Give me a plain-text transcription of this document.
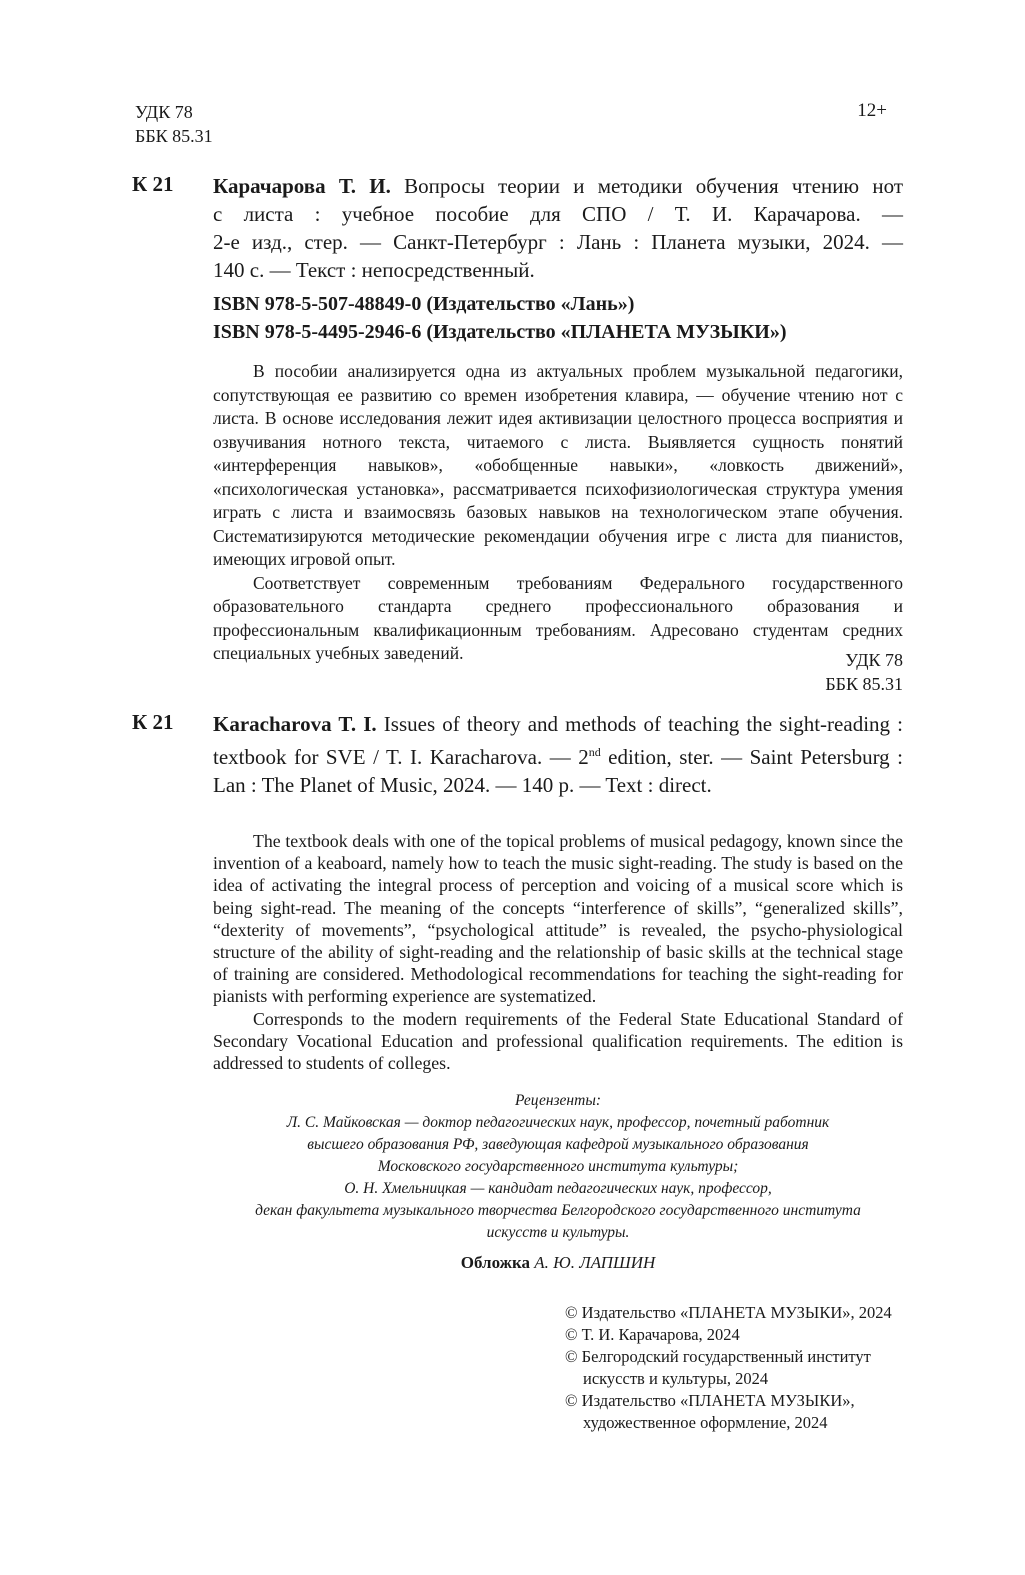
УДК 78
ББК 85.31
12+
К 21 Карачарова Т. И. Вопросы теории и методики обучения чтению нот
с листа : учебное пособие для СПО / Т. И. Карачарова. —
2-е изд., стер. — Санкт-Петербург : Лань : Планета музыки, 2024. —
140 с. — Текст : непосредственный.
ISBN 978-5-507-48849-0 (Издательство «Лань»)
ISBN 978-5-4495-2946-6 (Издательство «ПЛАНЕТА МУЗЫКИ»)

В пособии анализируется одна из актуальных проблем музыкальной педагогики, сопутствующая ее развитию со времен изобретения клавира, — обучение чтению нот с листа. В основе исследования лежит идея активизации целостного процесса восприятия и озвучивания нотного текста, читаемого с листа. Выявляется сущность понятий «интерференция навыков», «обобщенные навыки», «ловкость движений», «психологическая установка», рассматривается психофизиологическая структура умения играть с листа и взаимосвязь базовых навыков на технологическом этапе обучения. Систематизируются методические рекомендации обучения игре с листа для пианистов, имеющих игровой опыт.

Соответствует современным требованиям Федерального государственного образовательного стандарта среднего профессионального образования и профессиональным квалификационным требованиям. Адресовано студентам средних специальных учебных заведений.	УДК 78
ББК 85.31
К 21 Karacharova T. I. Issues of theory and methods of teaching the sight-reading :
textbook for SVE / T. I. Karacharova. — 2nd edition, ster. — Saint Petersburg :
Lan : The Planet of Music, 2024. — 140 p. — Text : direct.

The textbook deals with one of the topical problems of musical pedagogy, known since the invention of a keaboard, namely how to teach the music sight-reading. The study is based on the idea of activating the integral process of perception and voicing of a musical score which is being sight-read. The meaning of the concepts “interference of skills”, “generalized skills”, “dexterity of movements”, “psychological attitude” is revealed, the psycho-physiological structure of the ability of sight-reading and the relationship of basic skills at the technical stage of training are considered. Methodological recommendations for teaching the sight-reading for pianists with performing experience are systematized.

Corresponds to the modern requirements of the Federal State Educational Standard of Secondary Vocational Education and professional qualification requirements. The edition is addressed to students of colleges.

Рецензенты:
Л. С. Майковская — доктор педагогических наук, профессор, почетный работник
высшего образования РФ, заведующая кафедрой музыкального образования
Московского государственного института культуры;
О. Н. Хмельницкая — кандидат педагогических наук, профессор,
декан факультета музыкального творчества Белгородского государственного института
искусств и культуры.
Обложка А. Ю. ЛАПШИН
© Издательство «ПЛАНЕТА МУЗЫКИ», 2024
© Т. И. Карачарова, 2024
© Белгородский государственный институт
искусств и культуры, 2024
© Издательство «ПЛАНЕТА МУЗЫКИ»,
художественное оформление, 2024
